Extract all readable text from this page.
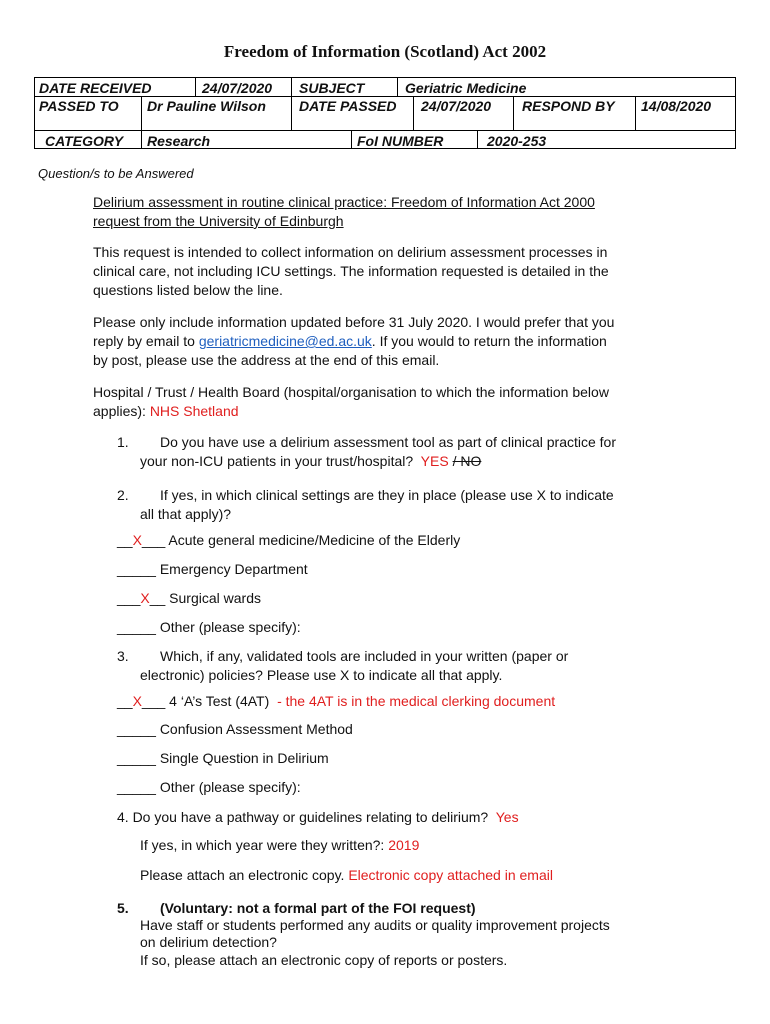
Freedom of Information (Scotland) Act 2002
DATE RECEIVED	24/07/2020 SUBJECT	Geriatric Medicine
PASSED TO Dr Pauline Wilson DATE PASSED 24/07/2020 RESPOND BY 14/08/2020
CATEGORY Research	FoI NUMBER	2020-253
Question/s to be Answered
Delirium assessment in routine clinical practice: Freedom of Information Act 2000
request from the University of Edinburgh
This request is intended to collect information on delirium assessment processes in
clinical care, not including ICU settings. The information requested is detailed in the
questions listed below the line.
Please only include information updated before 31 July 2020. I would prefer that you
reply by email to geriatricmedicine@ed.ac.uk. If you would to return the information
by post, please use the address at the end of this email.
Hospital / Trust / Health Board (hospital/organisation to which the information below
applies): NHS Shetland
1. Do you have use a delirium assessment tool as part of clinical practice for
your non-ICU patients in your trust/hospital? YES / NO
2. If yes, in which clinical settings are they in place (please use X to indicate
all that apply)?
__X___ Acute general medicine/Medicine of the Elderly
_____ Emergency Department
___X__ Surgical wards
_____ Other (please specify):
3. Which, if any, validated tools are included in your written (paper or
electronic) policies? Please use X to indicate all that apply.
__X___ 4 ‘A’s Test (4AT) - the 4AT is in the medical clerking document
_____ Confusion Assessment Method
_____ Single Question in Delirium
_____ Other (please specify):
4. Do you have a pathway or guidelines relating to delirium? Yes
If yes, in which year were they written?: 2019
Please attach an electronic copy. Electronic copy attached in email
5. (Voluntary: not a formal part of the FOI request)
Have staff or students performed any audits or quality improvement projects
on delirium detection?
If so, please attach an electronic copy of reports or posters.
